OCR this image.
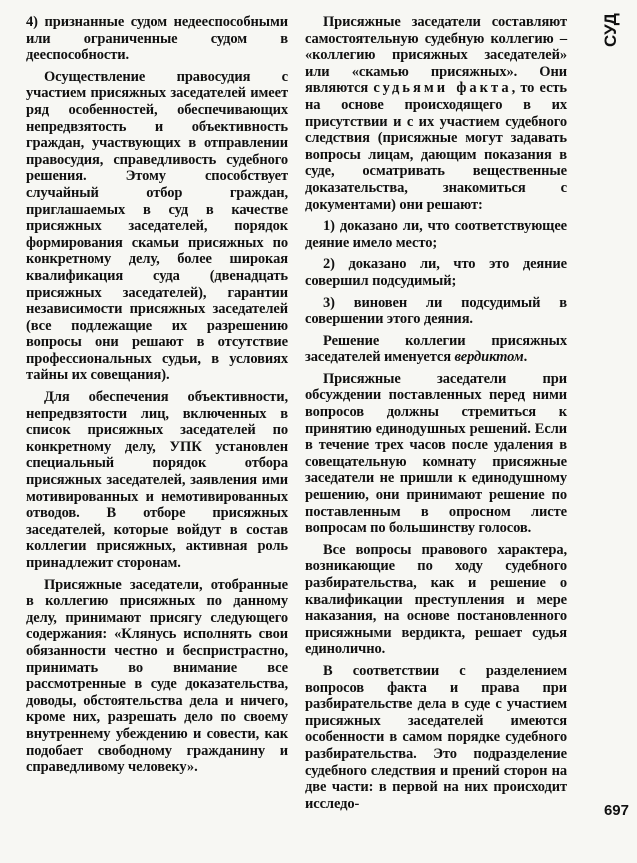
СУД

4) признанные судом недееспособными или ограниченные судом в дееспособности.

Осуществление правосудия с участием присяжных заседателей имеет ряд особенностей, обеспечивающих непредвзятость и объективность граждан, участвующих в отправлении правосудия, справедливость судебного решения. Этому способствует случайный отбор граждан, приглашаемых в суд в качестве присяжных заседателей, порядок формирования скамьи присяжных по конкретному делу, более широкая квалификация суда (двенадцать присяжных заседателей), гарантии независимости присяжных заседателей (все подлежащие их разрешению вопросы они решают в отсутствие профессиональных судьи, в условиях тайны их совещания).

Для обеспечения объективности, непредвзятости лиц, включенных в список присяжных заседателей по конкретному делу, УПК установлен специальный порядок отбора присяжных заседателей, заявления ими мотивированных и немотивированных отводов. В отборе присяжных заседателей, которые войдут в состав коллегии присяжных, активная роль принадлежит сторонам.

Присяжные заседатели, отобранные в коллегию присяжных по данному делу, принимают присягу следующего содержания: «Клянусь исполнять свои обязанности честно и беспристрастно, принимать во внимание все рассмотренные в суде доказательства, доводы, обстоятельства дела и ничего, кроме них, разрешать дело по своему внутреннему убеждению и совести, как подобает свободному гражданину и справедливому человеку».

Присяжные заседатели составляют самостоятельную судебную коллегию – «коллегию присяжных заседателей» или «скамью присяжных». Они являются судьями факта, то есть на основе происходящего в их присутствии и с их участием судебного следствия (присяжные могут задавать вопросы лицам, дающим показания в суде, осматривать вещественные доказательства, знакомиться с документами) они решают:

1) доказано ли, что соответствующее деяние имело место;

2) доказано ли, что это деяние совершил подсудимый;

3) виновен ли подсудимый в совершении этого деяния.

Решение коллегии присяжных заседателей именуется вердиктом.

Присяжные заседатели при обсуждении поставленных перед ними вопросов должны стремиться к принятию единодушных решений. Если в течение трех часов после удаления в совещательную комнату присяжные заседатели не пришли к единодушному решению, они принимают решение по поставленным в опросном листе вопросам по большинству голосов.

Все вопросы правового характера, возникающие по ходу судебного разбирательства, как и решение о квалификации преступления и мере наказания, на основе постановленного присяжными вердикта, решает судья единолично.

В соответствии с разделением вопросов факта и права при разбирательстве дела в суде с участием присяжных заседателей имеются особенности в самом порядке судебного разбирательства. Это подразделение судебного следствия и прений сторон на две части: в первой на них происходит исследо-	697
